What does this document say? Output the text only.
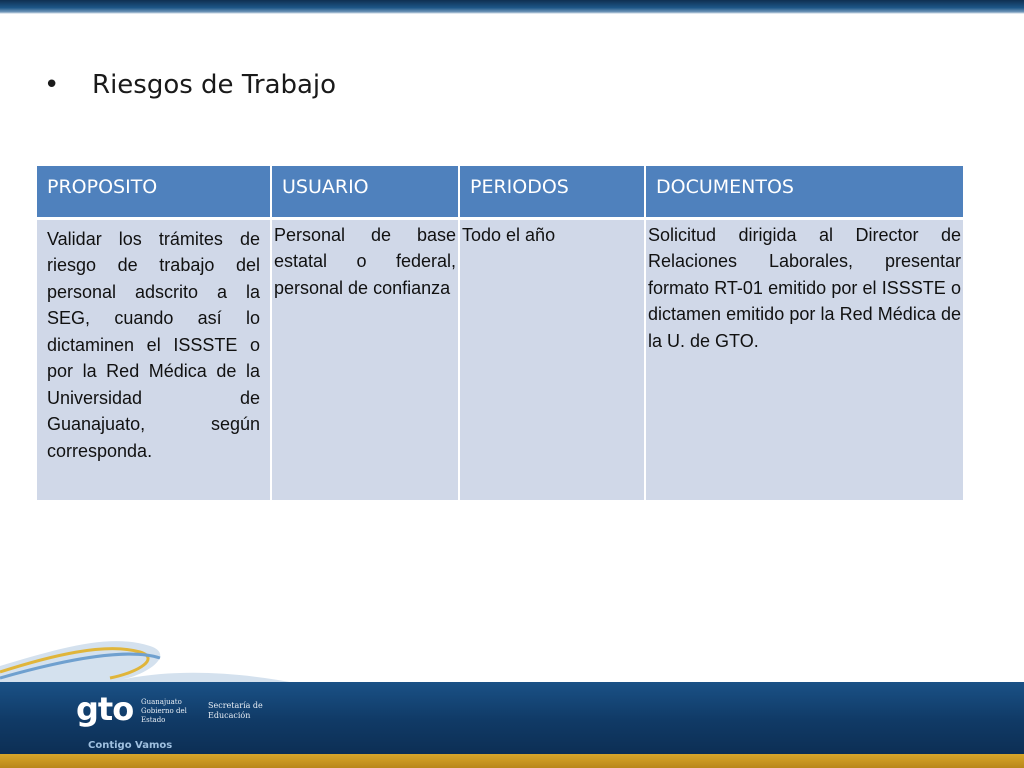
• Riesgos de Trabajo
PROPOSITO	USUARIO	PERIODOS	DOCUMENTOS
Validar los trámites de riesgo de trabajo del personal adscrito a la SEG, cuando así lo dictaminen el ISSSTE o por la Red Médica de la Universidad de Guanajuato, según corresponda.	Personal de base estatal o federal, personal de confianza	Todo el año	Solicitud dirigida al Director de Relaciones Laborales, presentar formato RT-01 emitido por el ISSSTE o dictamen emitido por la Red Médica de la U. de GTO.
gto Guanajuato Gobierno del Estado
Secretaría de Educación
Contigo Vamos
